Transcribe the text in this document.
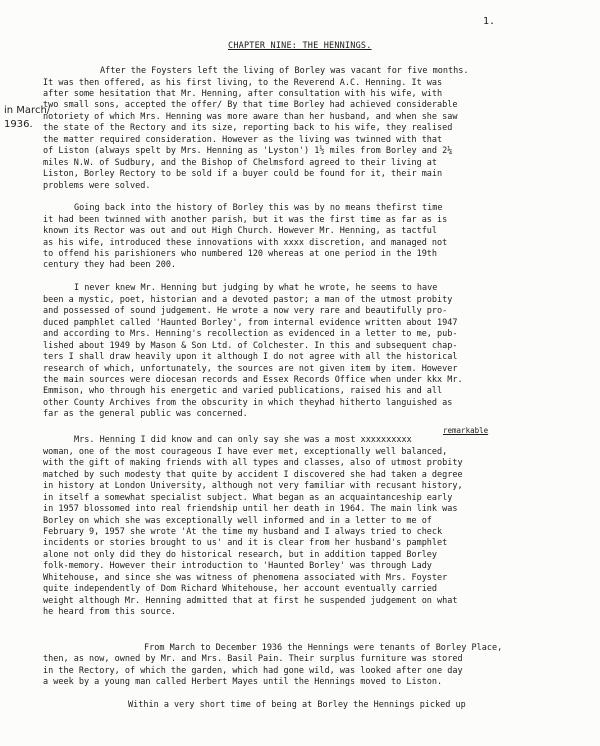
1.
CHAPTER NINE: THE HENNINGS.
in March/
1936.
After the Foysters left the living of Borley was vacant for five months.
It was then offered, as his first living, to the Reverend A.C. Henning. It was
after some hesitation that Mr. Henning, after consultation with his wife, with
two small sons, accepted the offer/ By that time Borley had achieved considerable
notoriety of which Mrs. Henning was more aware than her husband, and when she saw
the state of the Rectory and its size, reporting back to his wife, they realised
the matter required consideration. However as the living was twinned with that
of Liston (always spelt by Mrs. Henning as 'Lyston') 1½ miles from Borley and 2¼
miles N.W. of Sudbury, and the Bishop of Chelmsford agreed to their living at
Liston, Borley Rectory to be sold if a buyer could be found for it, their main
problems were solved.
Going back into the history of Borley this was by no means thefirst time
it had been twinned with another parish, but it was the first time as far as is
known its Rector was out and out High Church. However Mr. Henning, as tactful
as his wife, introduced these innovations with xxxx discretion, and managed not
to offend his parishioners who numbered 120 whereas at one period in the 19th
century they had been 200.
I never knew Mr. Henning but judging by what he wrote, he seems to have
been a mystic, poet, historian and a devoted pastor; a man of the utmost probity
and possessed of sound judgement. He wrote a now very rare and beautifully pro-
duced pamphlet called 'Haunted Borley', from internal evidence written about 1947
and according to Mrs. Henning's recollection as evidenced in a letter to me, pub-
lished about 1949 by Mason & Son Ltd. of Colchester. In this and subsequent chap-
ters I shall draw heavily upon it although I do not agree with all the historical
research of which, unfortunately, the sources are not given item by item. However
the main sources were diocesan records and Essex Records Office when under kkx Mr.
Emmison, who through his energetic and varied publications, raised his and all
other County Archives from the obscurity in which theyhad hitherto languished as
far as the general public was concerned.
remarkable
Mrs. Henning I did know and can only say she was a most xxxxxxxxxx
woman, one of the most courageous I have ever met, exceptionally well balanced,
with the gift of making friends with all types and classes, also of utmost probity
matched by such modesty that quite by accident I discovered she had taken a degree
in history at London University, although not very familiar with recusant history,
in itself a somewhat specialist subject. What began as an acquaintanceship early
in 1957 blossomed into real friendship until her death in 1964. The main link was
Borley on which she was exceptionally well informed and in a letter to me of
February 9, 1957 she wrote 'At the time my husband and I always tried to check
incidents or stories brought to us' and it is clear from her husband's pamphlet
alone not only did they do historical research, but in addition tapped Borley
folk-memory. However their introduction to 'Haunted Borley' was through Lady
Whitehouse, and since she was witness of phenomena associated with Mrs. Foyster
quite independently of Dom Richard Whitehouse, her account eventually carried
weight although Mr. Henning admitted that at first he suspended judgement on what
he heard from this source.
From March to December 1936 the Hennings were tenants of Borley Place,
then, as now, owned by Mr. and Mrs. Basil Pain. Their surplus furniture was stored
in the Rectory, of which the garden, which had gone wild, was looked after one day
a week by a young man called Herbert Mayes until the Hennings moved to Liston.
Within a very short time of being at Borley the Hennings picked up
